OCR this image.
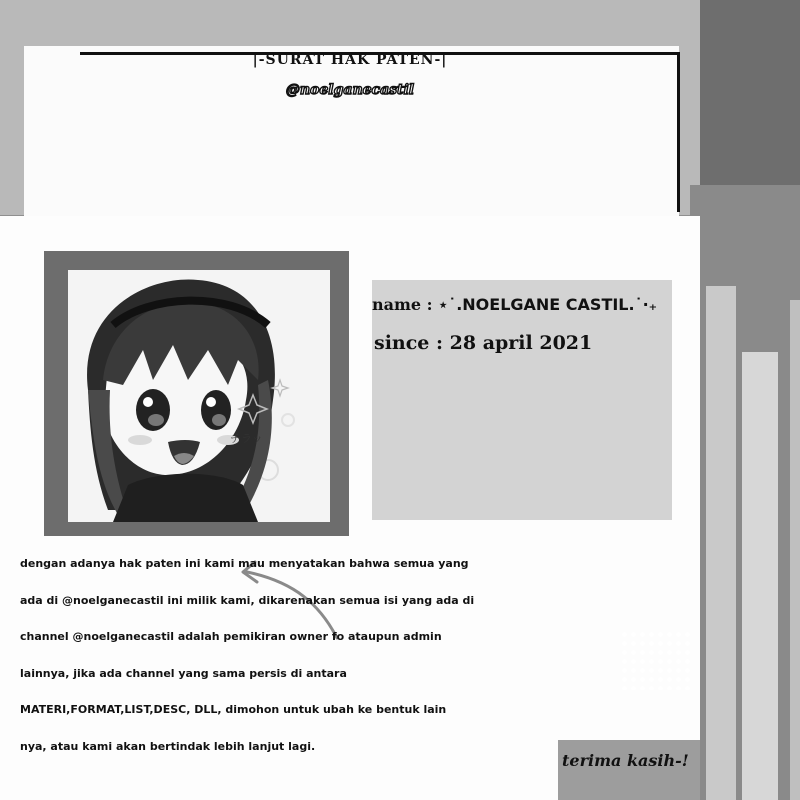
|-SURAT HAK PATEN-|
@noelganecastil
チラッ
name : ⋆˙.NOELGANE CASTIL.˙·₊
since : 28 april 2021
dengan adanya hak paten ini kami mau menyatakan bahwa semua yang
ada di @noelganecastil ini milik kami, dikarenakan semua isi yang ada di
channel @noelganecastil adalah pemikiran owner fo ataupun admin
lainnya, jika ada channel yang sama persis di antara
MATERI,FORMAT,LIST,DESC, DLL, dimohon untuk ubah ke bentuk lain
nya, atau kami akan bertindak lebih lanjut lagi.
terima kasih-!
